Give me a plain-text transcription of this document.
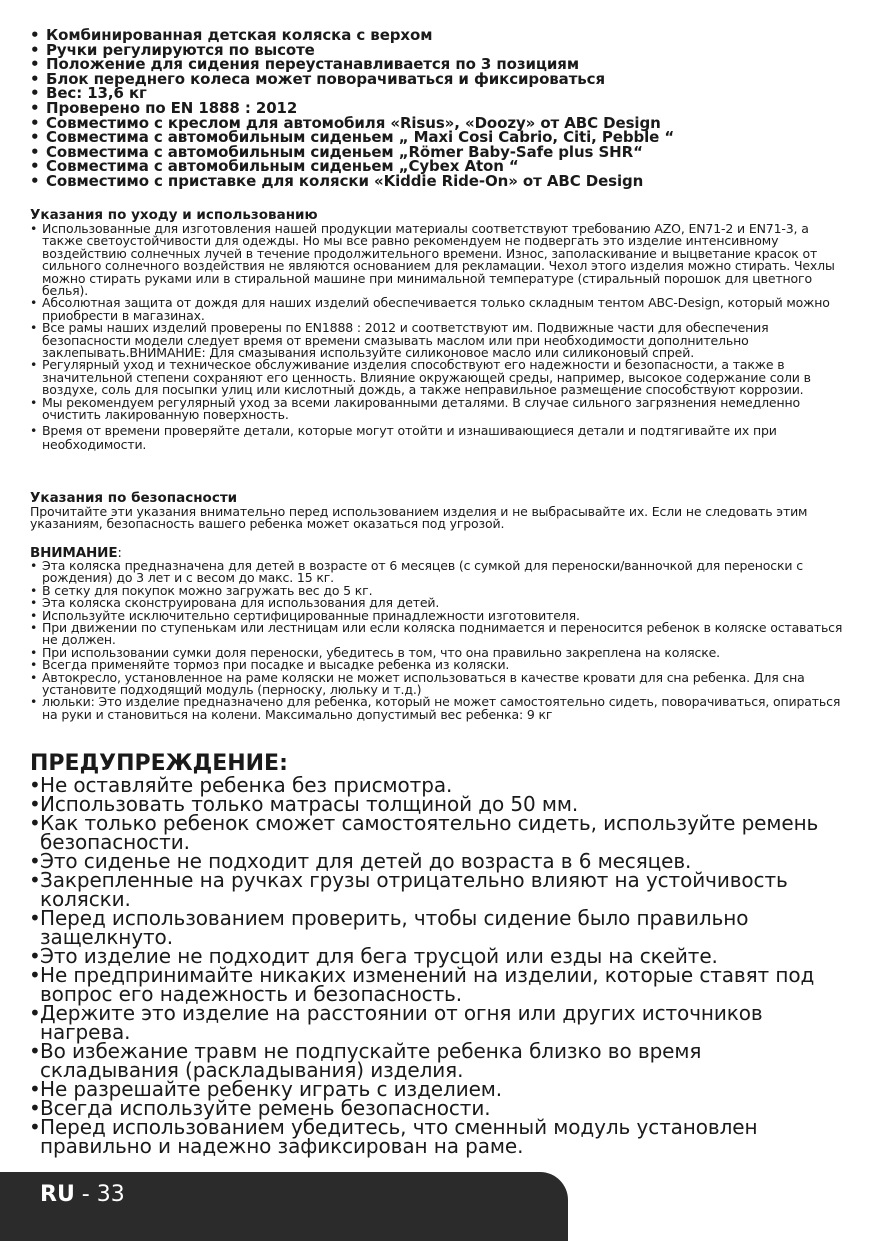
• Комбинированная детская коляска с верхом
• Ручки регулируются по высоте
• Положение для сидения переустанавливается по 3 позициям
• Блок переднего колеса может поворачиваться и фиксироваться
• Вес: 13,6 кг
• Проверено по EN 1888 : 2012
• Совместимо с креслом для автомобиля «Risus», «Doozy» от ABC Design
• Совместима с автомобильным сиденьем „ Maxi Cosi Cabrio, Citi, Pebble “
• Совместима с автомобильным сиденьем „Römer Baby-Safe plus SHR“
• Совместима с автомобильным сиденьем „Cybex Aton “
• Совместимо с приставкe для коляски «Kiddie Ride-On» от ABC Design
Указания по уходу и использованию
• Использованные для изготовления нашей продукции материалы соответствуют требованию AZO, EN71-2 и EN71-3, а также светоустойчивости для одежды. Но мы все равно рекомендуем не подвергать это изделие интенсивному воздействию солнечных лучей в течение продолжительного времени. Износ, заполаскивание и выцветание красок от сильного солнечного воздействия не являются основанием для рекламации. Чехол этого изделия можно стирать. Чехлы можно стирать руками или в стиральной машине при минимальной температуре (стиральный порошок для цветного белья).
• Абсолютная защита от дождя для наших изделий обеспечивается только складным тентом ABC-Design, который можно приобрести в магазинах.
• Все рамы наших изделий проверены по EN1888 : 2012 и соответствуют им. Подвижные части для обеспечения безопасности модели следует время от времени смазывать маслом или при необходимости дополнительно заклепывать.ВНИМАНИЕ: Для смазывания используйте силиконовое масло или силиконовый спрей.
• Регулярный уход и техническое обслуживание изделия способствуют его надежности и безопасности, а также в значительной степени сохраняют его ценность. Влияние окружающей среды, например, высокое содержание соли в воздухе, соль для посыпки улиц или кислотный дождь, а также неправильное размещение способствуют коррозии.
• Мы рекомендуем регулярный уход за всеми лакированными деталями. В случае сильного загрязнения немедленно очистить лакированную поверхность.
• Время от времени проверяйте детали, которые могут отойти и изнашивающиеся детали и подтягивайте их при необходимости.
Указания по безопасности

Прочитайте эти указания внимательно перед использованием изделия и не выбрасывайте их. Если не следовать этим указаниям, безопасность вашего ребенка может оказаться под угрозой.

ВНИМАНИЕ:

• Эта коляска предназначена для детей в возрасте от 6 месяцев (с сумкой для переноски/ванночкой для переноски с рождения) до 3 лет и с весом до макс. 15 кг.
• В сетку для покупок можно загружать вес до 5 кг.
• Эта коляска сконструирована для использования для детей.
• Используйте исключительно сертифицированные принадлежности изготовителя.
• При движении по ступенькам или лестницам или если коляска поднимается и переносится ребенок в коляске оставаться не должен.
• При использовании сумки доля переноски, убедитесь в том, что она правильно закреплена на коляске.
• Всегда применяйте тормоз при посадке и высадке ребенка из коляски.
• Автокресло, установленное на раме коляски не может использоваться в качестве кровати для сна ребенка. Для сна установите подходящий модуль (перноску, люльку и т.д.)
• люльки: Это изделие предназначено для ребенка, который не может самостоятельно сидеть, поворачиваться, опираться на руки и становиться на колени. Максимально допустимый вес ребенка: 9 кг
ПРЕДУПРЕЖДЕНИЕ:
• Не оставляйте ребенка без присмотра.
• Использовать только матрасы толщиной до 50 мм.
• Как только ребенок сможет самостоятельно сидеть, используйте ремень безопасности.
• Это сиденье не подходит для детей до возраста в 6 месяцев.
• Закрепленные на ручках грузы отрицательно влияют на устойчивость коляски.
• Перед использованием проверить, чтобы сидение было правильно защелкнуто.
• Это изделие не подходит для бега трусцой или езды на скейте.
• Не предпринимайте никаких изменений на изделии, которые ставят под вопрос его надежность и безопасность.
• Держите это изделие на расстоянии от огня или других источников нагрева.
• Во избежание травм не подпускайте ребенка близко во время складывания (раскладывания) изделия.
• Не разрешайте ребенку играть с изделием.
• Всегда используйте ремень безопасности.
• Перед использованием убедитесь, что сменный модуль установлен правильно и надежно зафиксирован на раме.
RU - 33
